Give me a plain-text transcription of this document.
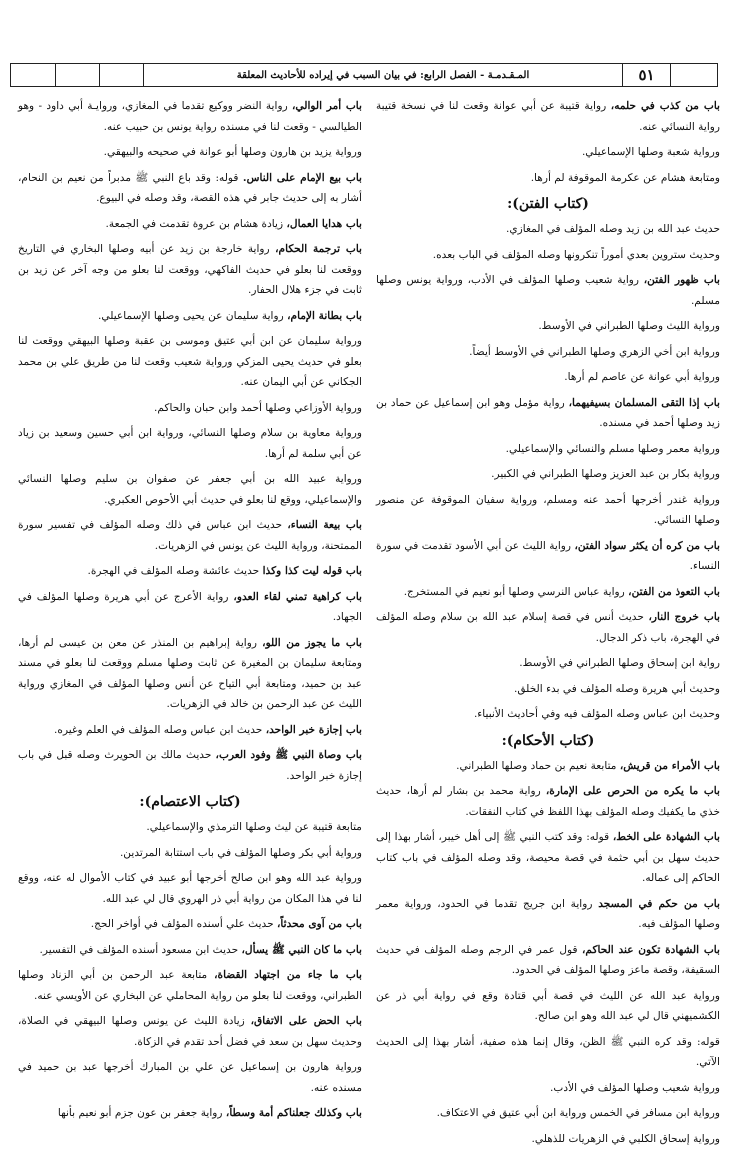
٥١
المـقـدمـة - الفصل الرابع: في بيان السبب في إيراده للأحاديث المعلقة

باب من كذب في حلمه، رواية قتيبة عن أبي عوانة وقعت لنا في نسخة قتيبة رواية النسائي عنه.

ورواية شعبة وصلها الإسماعيلي.

ومتابعة هشام عن عكرمة الموقوفة لم أرها.

(كتاب الفتن):

حديث عبد الله بن زيد وصله المؤلف في المغازي.

وحديث ستروين بعدي أموراً تنكرونها وصله المؤلف في الباب بعده.

باب ظهور الفتن، رواية شعيب وصلها المؤلف في الأدب، ورواية يونس وصلها مسلم.

ورواية الليث وصلها الطبراني في الأوسط.

ورواية ابن أخي الزهري وصلها الطبراني في الأوسط أيضاً.

ورواية أبي عوانة عن عاصم لم أرها.

باب إذا التقى المسلمان بسيفيهما، رواية مؤمل وهو ابن إسماعيل عن حماد بن زيد وصلها أحمد في مسنده.

ورواية معمر وصلها مسلم والنسائي والإسماعيلي.

ورواية بكار بن عبد العزيز وصلها الطبراني في الكبير.

ورواية غندر أخرجها أحمد عنه ومسلم، ورواية سفيان الموقوفة عن منصور وصلها النسائي.

باب من كره أن يكثر سواد الفتن، رواية الليث عن أبي الأسود تقدمت في سورة النساء.

باب التعوذ من الفتن، رواية عباس النرسي وصلها أبو نعيم في المستخرج.

باب خروج النار، حديث أنس في قصة إسلام عبد الله بن سلام وصله المؤلف في الهجرة، باب ذكر الدجال.

رواية ابن إسحاق وصلها الطبراني في الأوسط.

وحديث أبي هريرة وصله المؤلف في بدء الخلق.

وحديث ابن عباس وصله المؤلف فيه وفي أحاديث الأنبياء.

(كتاب الأحكام):

باب الأمراء من قريش، متابعة نعيم بن حماد وصلها الطبراني.

باب ما يكره من الحرص على الإمارة، رواية محمد بن بشار لم أرها، حديث خذي ما يكفيك وصله المؤلف بهذا اللفظ في كتاب النفقات.

باب الشهادة على الخط، قوله: وقد كتب النبي ﷺ إلى أهل خيبر، أشار بهذا إلى حديث سهل بن أبي حثمة في قصة محيصة، وقد وصله المؤلف في باب كتاب الحاكم إلى عماله.

باب من حكم في المسجد رواية ابن جريج تقدما في الحدود، ورواية معمر وصلها المؤلف فيه.

باب الشهادة تكون عند الحاكم، قول عمر في الرجم وصله المؤلف في حديث السقيفة، وقصة ماعز وصلها المؤلف في الحدود.

ورواية عبد الله عن الليث في قصة أبي قتادة وقع في رواية أبي ذر عن الكشميهني قال لي عبد الله وهو ابن صالح.

قوله: وقد كره النبي ﷺ الظن، وقال إنما هذه صفية، أشار بهذا إلى الحديث الآتي.

ورواية شعيب وصلها المؤلف في الأدب.

ورواية ابن مسافر في الخمس ورواية ابن أبي عتيق في الاعتكاف.

ورواية إسحاق الكلبي في الزهريات للذهلي.

باب أمر الوالي، رواية النضر ووكيع تقدما في المغازي، وروايـة أبي داود - وهو الطيالسي - وقعت لنا في مسنده رواية يونس بن حبيب عنه.

ورواية يزيد بن هارون وصلها أبو عوانة في صحيحه والبيهقي.

باب بيع الإمام على الناس. قوله: وقد باع النبي ﷺ مدبراً من نعيم بن النحام، أشار به إلى حديث جابر في هذه القصة، وقد وصله في البيوع.

باب هدايا العمال، زيادة هشام بن عروة تقدمت في الجمعة.

باب ترجمة الحكام، رواية خارجة بن زيد عن أبيه وصلها البخاري في التاريخ ووقعت لنا بعلو في حديث الفاكهي، ووقعت لنا بعلو من وجه آخر عن زيد بن ثابت في جزء هلال الحفار.

باب بطانة الإمام، رواية سليمان عن يحيى وصلها الإسماعيلي.

ورواية سليمان عن ابن أبي عتيق وموسى بن عقبة وصلها البيهقي ووقعت لنا بعلو في حديث يحيى المزكي ورواية شعيب وقعت لنا من طريق علي بن محمد الجكاني عن أبي اليمان عنه.

ورواية الأوزاعي وصلها أحمد وابن حبان والحاكم.

ورواية معاوية بن سلام وصلها النسائي، ورواية ابن أبي حسين وسعيد بن زياد عن أبي سلمة لم أرها.

ورواية عبيد الله بن أبي جعفر عن صفوان بن سليم وصلها النسائي والإسماعيلي، ووقع لنا بعلو في حديث أبي الأحوص العكبري.

باب بيعة النساء، حديث ابن عباس في ذلك وصله المؤلف في تفسير سورة الممتحنة، ورواية الليث عن يونس في الزهريات.

باب قوله ليت كذا وكذا حديث عائشة وصله المؤلف في الهجرة.

باب كراهية تمني لقاء العدو، رواية الأعرج عن أبي هريرة وصلها المؤلف في الجهاد.

باب ما يجوز من اللو، رواية إبراهيم بن المنذر عن معن بن عيسى لم أرها، ومتابعة سليمان بن المغيرة عن ثابت وصلها مسلم ووقعت لنا بعلو في مسند عبد بن حميد، ومتابعة أبي التياح عن أنس وصلها المؤلف في المغازي ورواية الليث عن عبد الرحمن بن خالد في الزهريات.

باب إجازة خبر الواحد، حديث ابن عباس وصله المؤلف في العلم وغيره.

باب وصاة النبي ﷺ وفود العرب، حديث مالك بن الحويرث وصله قبل في باب إجازة خبر الواحد.

(كتاب الاعتصام):

متابعة قتيبة عن ليث وصلها الترمذي والإسماعيلي.

ورواية أبي بكر وصلها المؤلف في باب استتابة المرتدين.

ورواية عبد الله وهو ابن صالح أخرجها أبو عبيد في كتاب الأموال له عنه، ووقع لنا في هذا المكان من رواية أبي ذر الهروي قال لي عبد الله.

باب من آوى محدثاً، حديث علي أسنده المؤلف في أواخر الحج.

باب ما كان النبي ﷺ يسأل، حديث ابن مسعود أسنده المؤلف في التفسير.

باب ما جاء من اجتهاد القضاة، متابعة عبد الرحمن بن أبي الزناد وصلها الطبراني، ووقعت لنا بعلو من رواية المحاملي عن البخاري عن الأويسي عنه.

باب الحض على الاتفاق، زيادة الليث عن يونس وصلها البيهقي في الصلاة، وحديث سهل بن سعد في فضل أحد تقدم في الزكاة.

ورواية هارون بن إسماعيل عن علي بن المبارك أخرجها عبد بن حميد في مسنده عنه.

باب وكذلك جعلناكم أمة وسطاً، رواية جعفر بن عون جزم أبو نعيم بأنها
